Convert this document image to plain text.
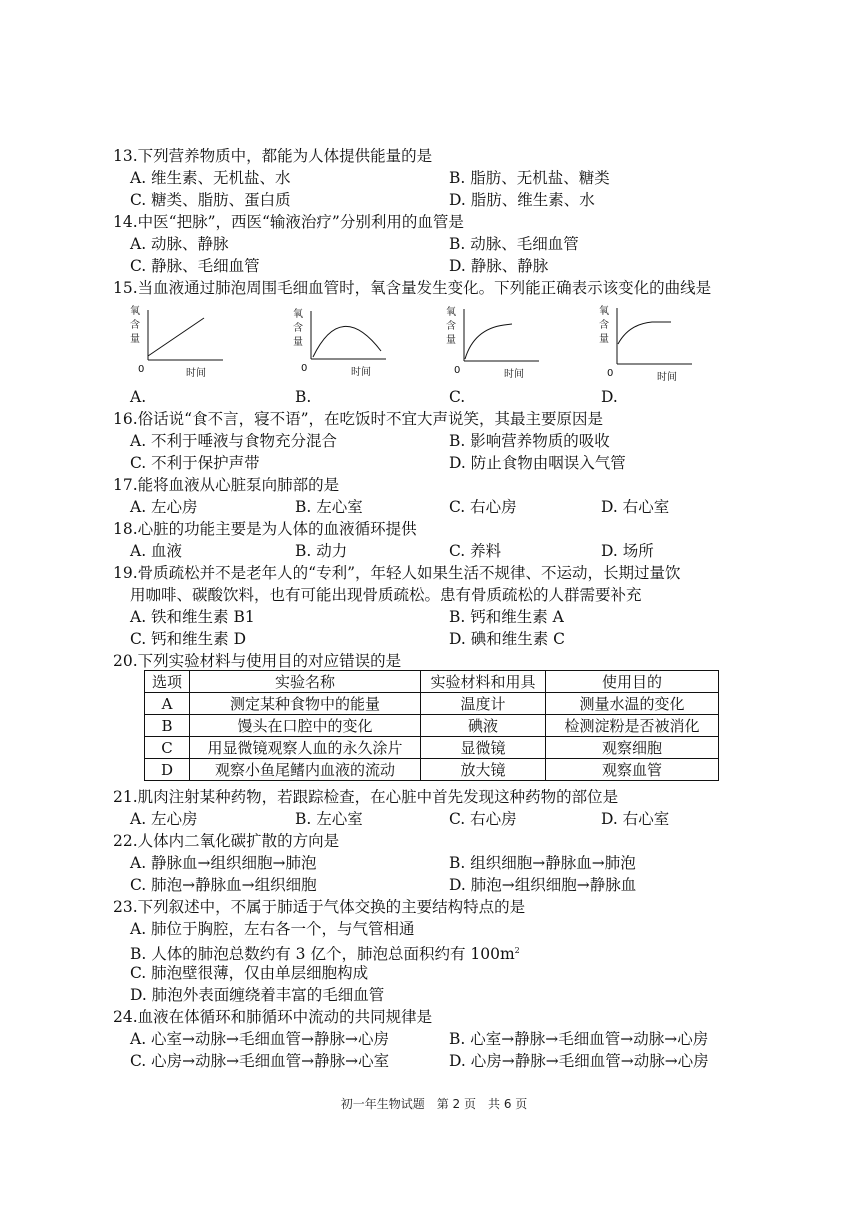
13.下列营养物质中，都能为人体提供能量的是
A. 维生素、无机盐、水	B. 脂肪、无机盐、糖类
C. 糖类、脂肪、蛋白质	D. 脂肪、维生素、水
14.中医“把脉”，西医“输液治疗”分别利用的血管是
A. 动脉、静脉	B. 动脉、毛细血管
C. 静脉、毛细血管	D. 静脉、静脉
15.当血液通过肺泡周围毛细血管时，氧含量发生变化。下列能正确表示该变化的曲线是
氧
含
量
0	时间
氧
含
量
0	时间
氧
含
量
0	时间
氧
含
量
0	时间
A.	B.	C.	D.
16.俗话说“食不言，寝不语”，在吃饭时不宜大声说笑，其最主要原因是
A. 不利于唾液与食物充分混合	B. 影响营养物质的吸收
C. 不利于保护声带	D. 防止食物由咽误入气管
17.能将血液从心脏泵向肺部的是
A. 左心房	B. 左心室	C. 右心房	D. 右心室
18.心脏的功能主要是为人体的血液循环提供
A. 血液	B. 动力	C. 养料	D. 场所
19.骨质疏松并不是老年人的“专利”，年轻人如果生活不规律、不运动，长期过量饮
用咖啡、碳酸饮料，也有可能出现骨质疏松。患有骨质疏松的人群需要补充
A. 铁和维生素 B1	B. 钙和维生素 A
C. 钙和维生素 D	D. 碘和维生素 C
20.下列实验材料与使用目的对应错误的是
选项	实验名称	实验材料和用具	使用目的
A	测定某种食物中的能量	温度计	测量水温的变化
B	馒头在口腔中的变化	碘液	检测淀粉是否被消化
C	用显微镜观察人血的永久涂片	显微镜	观察细胞
D	观察小鱼尾鳍内血液的流动	放大镜	观察血管
21.肌肉注射某种药物，若跟踪检查，在心脏中首先发现这种药物的部位是
A. 左心房	B. 左心室	C. 右心房	D. 右心室
22.人体内二氧化碳扩散的方向是
A. 静脉血→组织细胞→肺泡	B. 组织细胞→静脉血→肺泡
C. 肺泡→静脉血→组织细胞	D. 肺泡→组织细胞→静脉血
23.下列叙述中，不属于肺适于气体交换的主要结构特点的是
A. 肺位于胸腔，左右各一个，与气管相通
B. 人体的肺泡总数约有 3 亿个，肺泡总面积约有 $100m^2$
C. 肺泡壁很薄，仅由单层细胞构成
D. 肺泡外表面缠绕着丰富的毛细血管
24.血液在体循环和肺循环中流动的共同规律是
A. 心室→动脉→毛细血管→静脉→心房	B. 心室→静脉→毛细血管→动脉→心房
C. 心房→动脉→毛细血管→静脉→心室	D. 心房→静脉→毛细血管→动脉→心房
初一年生物试题　第 2 页　共 6 页
